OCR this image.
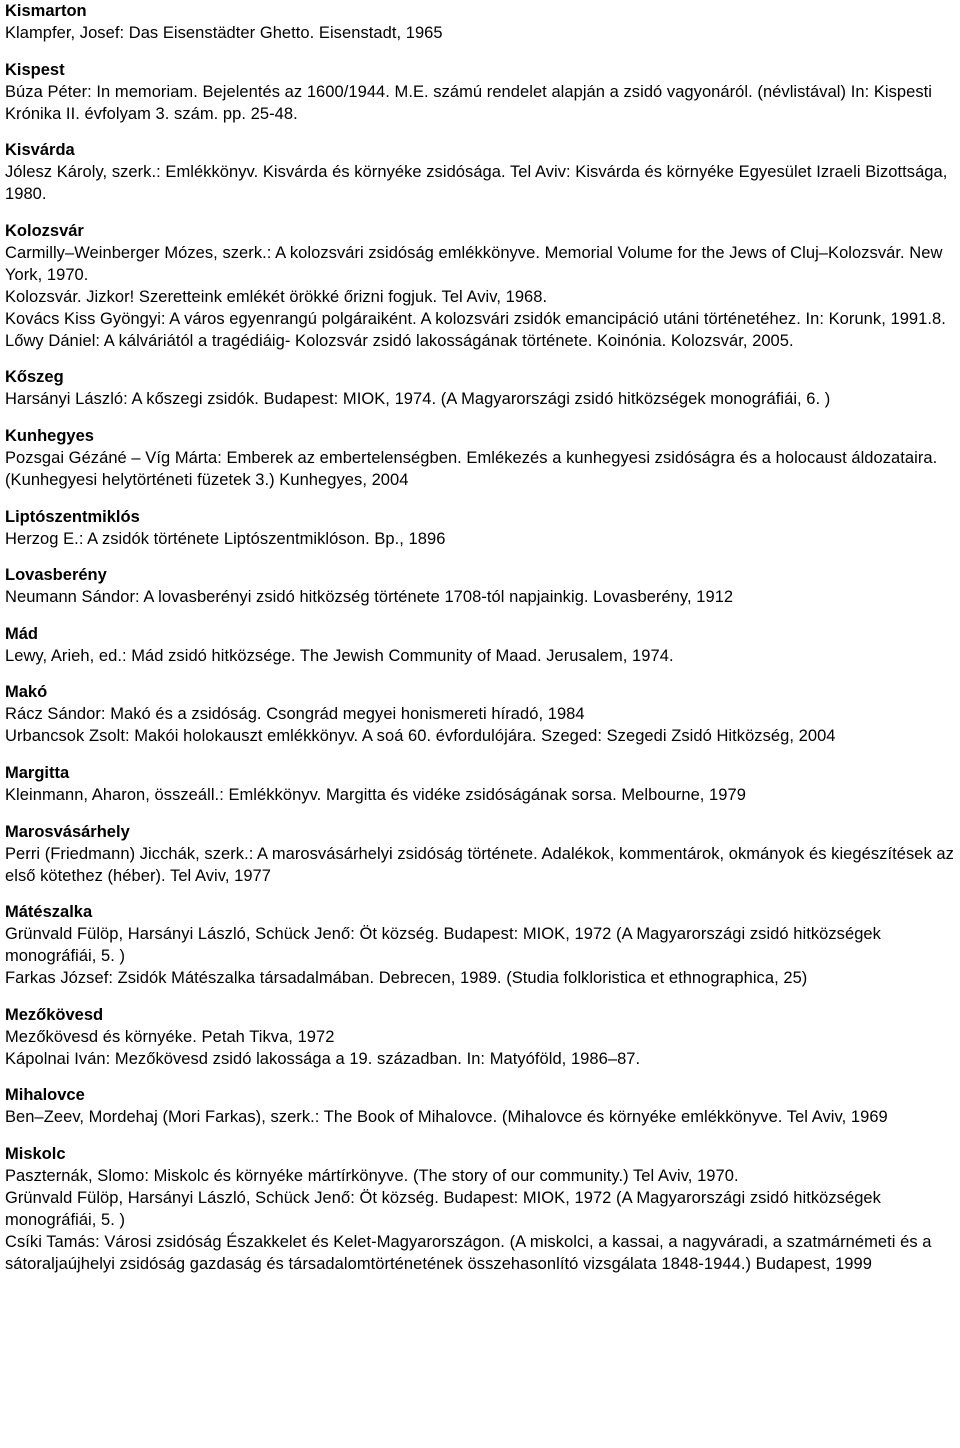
Kismarton

Klampfer, Josef: Das Eisenstädter Ghetto. Eisenstadt, 1965

Kispest

Búza Péter: In memoriam. Bejelentés az 1600/1944. M.E. számú rendelet alapján a zsidó vagyonáról. (névlistával) In: Kispesti Krónika II. évfolyam 3. szám. pp. 25-48.

Kisvárda

Jólesz Károly, szerk.: Emlékkönyv. Kisvárda és környéke zsidósága. Tel Aviv: Kisvárda és környéke Egyesület Izraeli Bizottsága, 1980.

Kolozsvár

Carmilly–Weinberger Mózes, szerk.: A kolozsvári zsidóság emlékkönyve. Memorial Volume for the Jews of Cluj–Kolozsvár. New York, 1970.

Kolozsvár. Jizkor! Szeretteink emlékét örökké őrizni fogjuk. Tel Aviv, 1968.

Kovács Kiss Gyöngyi: A város egyenrangú polgáraiként. A kolozsvári zsidók emancipáció utáni történetéhez. In: Korunk, 1991.8.

Lőwy Dániel: A kálváriától a tragédiáig- Kolozsvár zsidó lakosságának története. Koinónia. Kolozsvár, 2005.

Kőszeg

Harsányi László: A kőszegi zsidók. Budapest: MIOK, 1974. (A Magyarországi zsidó hitközségek monográfiái, 6. )

Kunhegyes

Pozsgai Gézáné – Víg Márta: Emberek az embertelenségben. Emlékezés a kunhegyesi zsidóságra és a holocaust áldozataira. (Kunhegyesi helytörténeti füzetek 3.) Kunhegyes, 2004

Liptószentmiklós

Herzog E.: A zsidók története Liptószentmiklóson. Bp., 1896

Lovasberény

Neumann Sándor: A lovasberényi zsidó hitközség története 1708-tól napjainkig. Lovasberény, 1912

Mád

Lewy, Arieh, ed.: Mád zsidó hitközsége. The Jewish Community of Maad. Jerusalem, 1974.

Makó

Rácz Sándor: Makó és a zsidóság. Csongrád megyei honismereti híradó, 1984

Urbancsok Zsolt: Makói holokauszt emlékkönyv. A soá 60. évfordulójára. Szeged: Szegedi Zsidó Hitközség, 2004

Margitta

Kleinmann, Aharon, összeáll.: Emlékkönyv. Margitta és vidéke zsidóságának sorsa. Melbourne, 1979

Marosvásárhely

Perri (Friedmann) Jicchák, szerk.: A marosvásárhelyi zsidóság története. Adalékok, kommentárok, okmányok és kiegészítések az első kötethez (héber). Tel Aviv, 1977

Mátészalka

Grünvald Fülöp, Harsányi László, Schück Jenő: Öt község. Budapest: MIOK, 1972 (A Magyarországi zsidó hitközségek monográfiái, 5. )

Farkas József: Zsidók Mátészalka társadalmában. Debrecen, 1989. (Studia folkloristica et ethnographica, 25)

Mezőkövesd

Mezőkövesd és környéke. Petah Tikva, 1972

Kápolnai Iván: Mezőkövesd zsidó lakossága a 19. században. In: Matyóföld, 1986–87.

Mihalovce

Ben–Zeev, Mordehaj (Mori Farkas), szerk.: The Book of Mihalovce. (Mihalovce és környéke emlékkönyve. Tel Aviv, 1969

Miskolc

Paszternák, Slomo: Miskolc és környéke mártírkönyve. (The story of our community.) Tel Aviv, 1970.

Grünvald Fülöp, Harsányi László, Schück Jenő: Öt község. Budapest: MIOK, 1972 (A Magyarországi zsidó hitközségek monográfiái, 5. )

Csíki Tamás: Városi zsidóság Északkelet és Kelet-Magyarországon. (A miskolci, a kassai, a nagyváradi, a szatmárnémeti és a sátoraljaújhelyi zsidóság gazdaság és társadalomtörténetének összehasonlító vizsgálata 1848-1944.) Budapest, 1999
